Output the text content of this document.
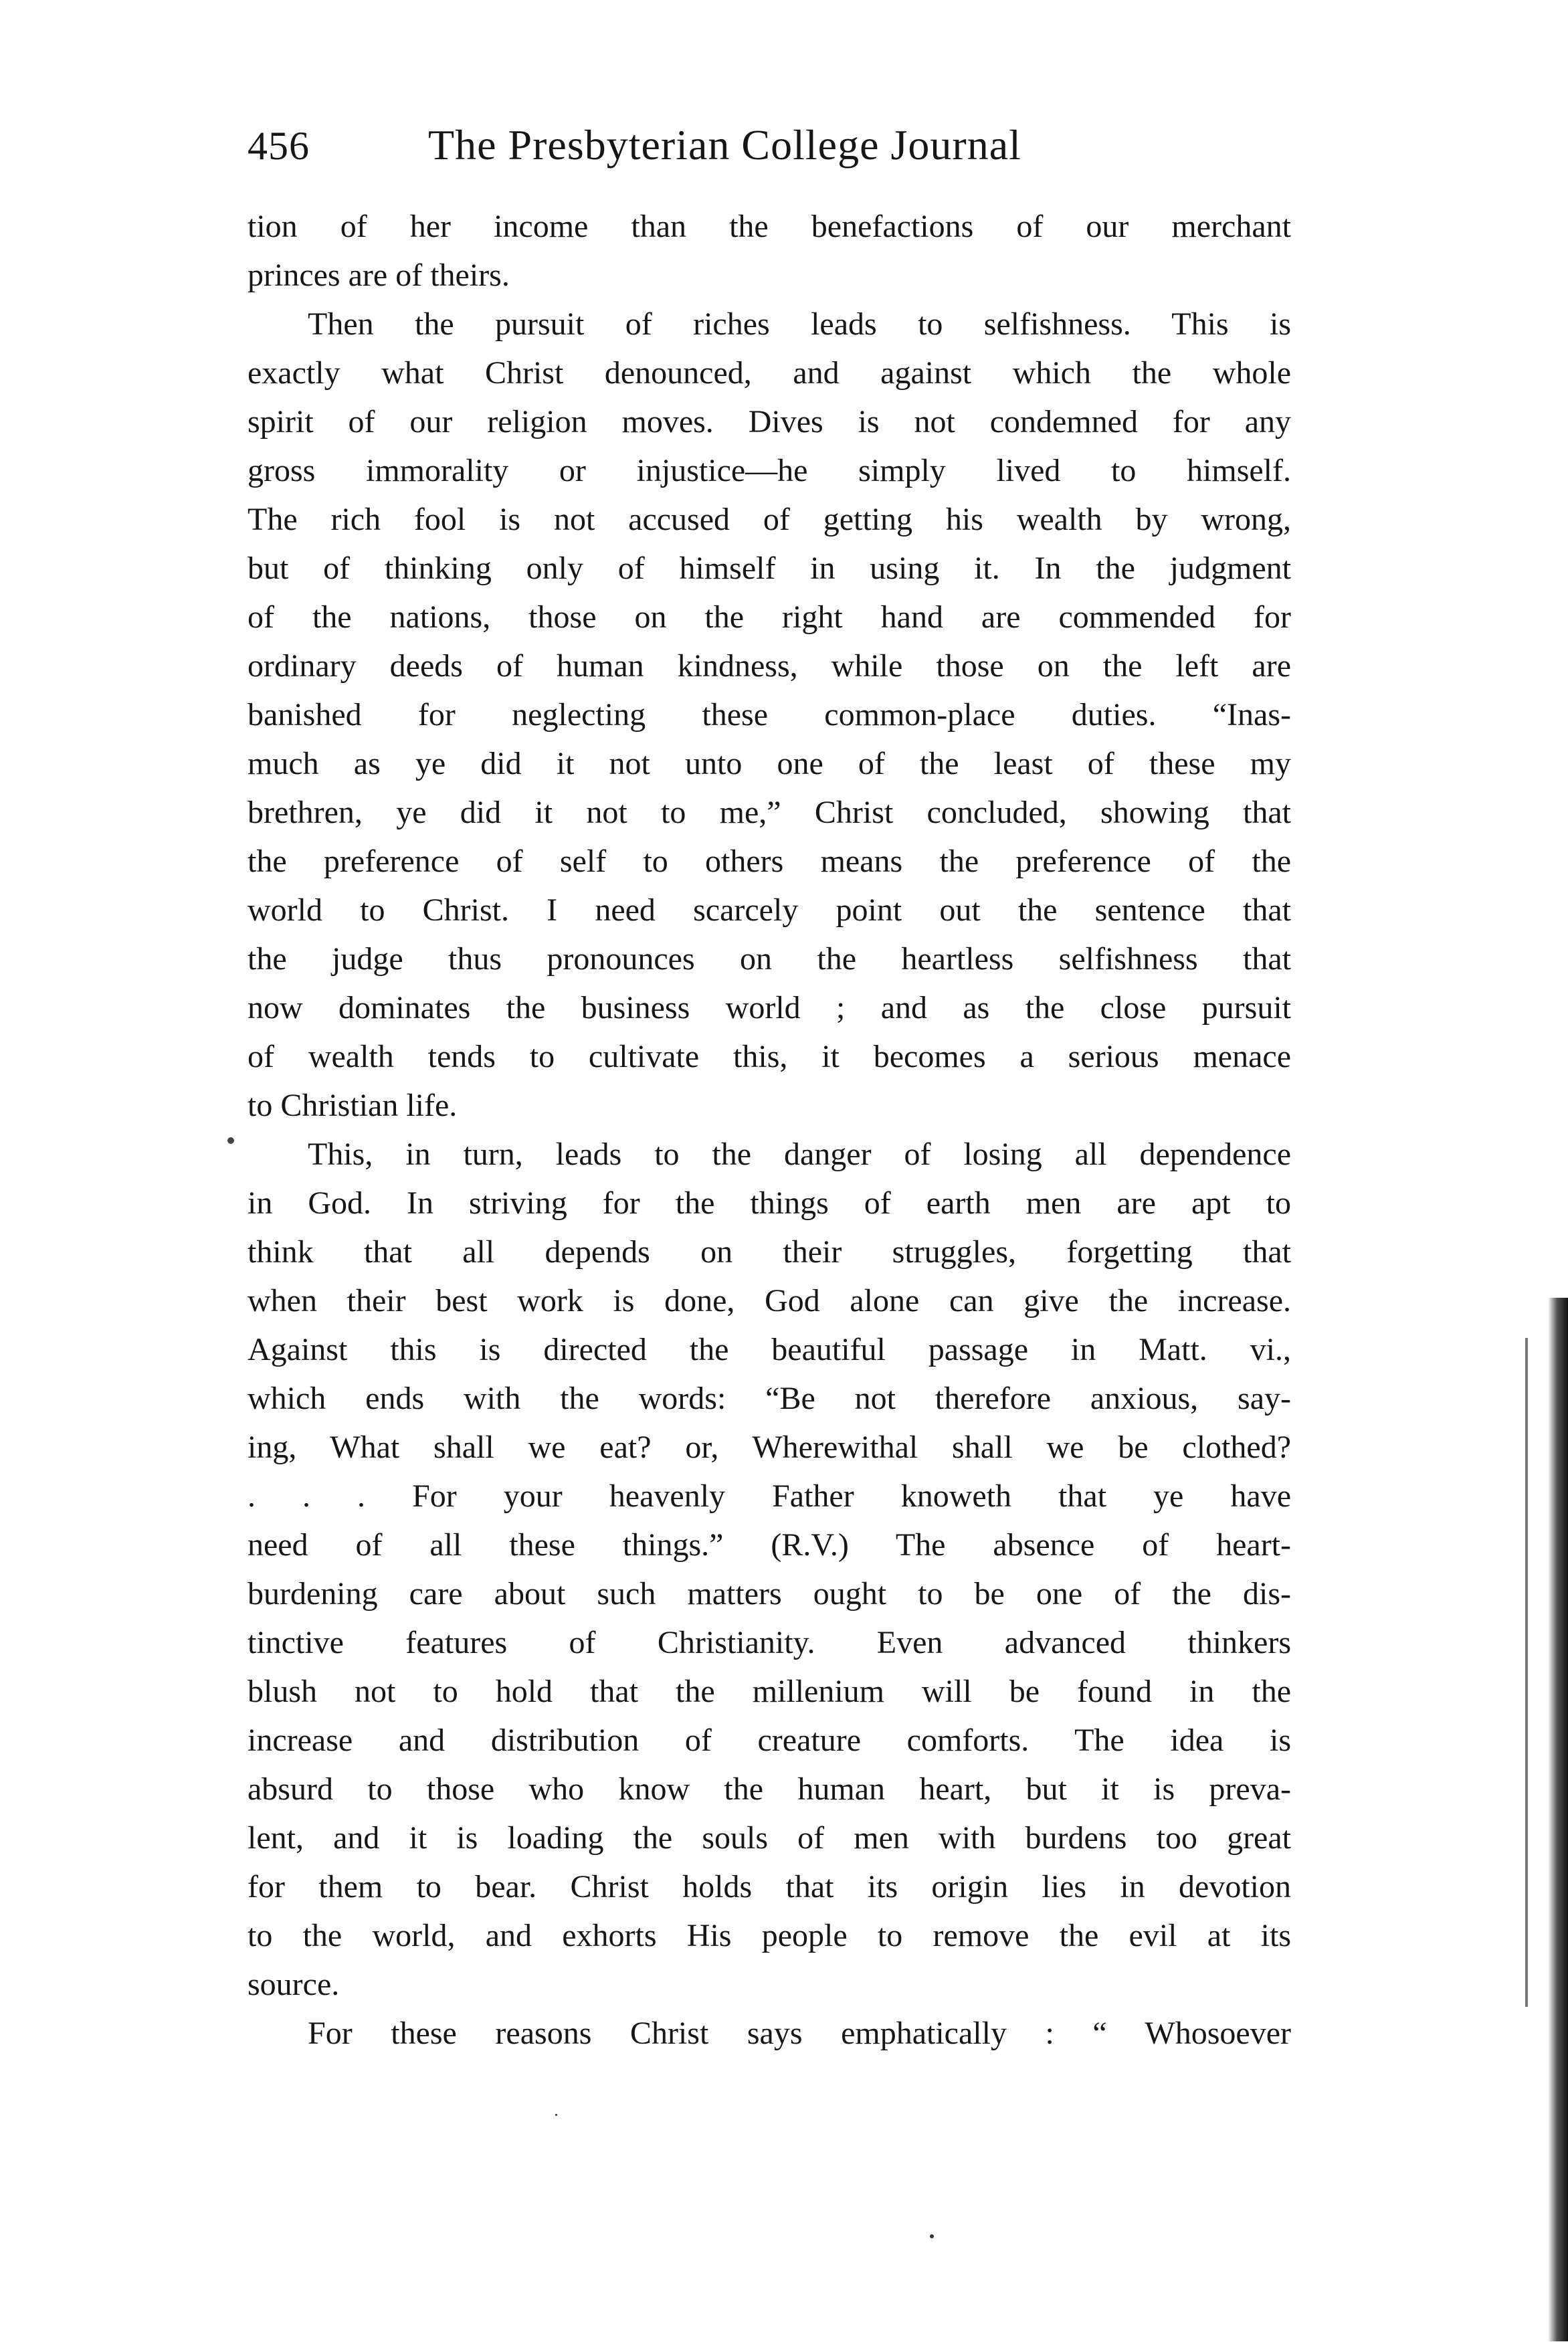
456	The Presbyterian College Journal
tion of her income than the benefactions of our merchant
princes are of theirs.
Then the pursuit of riches leads to selfishness. This is
exactly what Christ denounced, and against which the whole
spirit of our religion moves. Dives is not condemned for any
gross immorality or injustice—he simply lived to himself.
The rich fool is not accused of getting his wealth by wrong,
but of thinking only of himself in using it. In the judgment
of the nations, those on the right hand are commended for
ordinary deeds of human kindness, while those on the left are
banished for neglecting these common-place duties. “Inas-
much as ye did it not unto one of the least of these my
brethren, ye did it not to me,” Christ concluded, showing that
the preference of self to others means the preference of the
world to Christ. I need scarcely point out the sentence that
the judge thus pronounces on the heartless selfishness that
now dominates the business world ; and as the close pursuit
of wealth tends to cultivate this, it becomes a serious menace
to Christian life.
This, in turn, leads to the danger of losing all dependence
in God. In striving for the things of earth men are apt to
think that all depends on their struggles, forgetting that
when their best work is done, God alone can give the increase.
Against this is directed the beautiful passage in Matt. vi.,
which ends with the words: “Be not therefore anxious, say-
ing, What shall we eat? or, Wherewithal shall we be clothed?
. . . For your heavenly Father knoweth that ye have
need of all these things.” (R.V.) The absence of heart-
burdening care about such matters ought to be one of the dis-
tinctive features of Christianity. Even advanced thinkers
blush not to hold that the millenium will be found in the
increase and distribution of creature comforts. The idea is
absurd to those who know the human heart, but it is preva-
lent, and it is loading the souls of men with burdens too great
for them to bear. Christ holds that its origin lies in devotion
to the world, and exhorts His people to remove the evil at its
source.
For these reasons Christ says emphatically : “ Whosoever
